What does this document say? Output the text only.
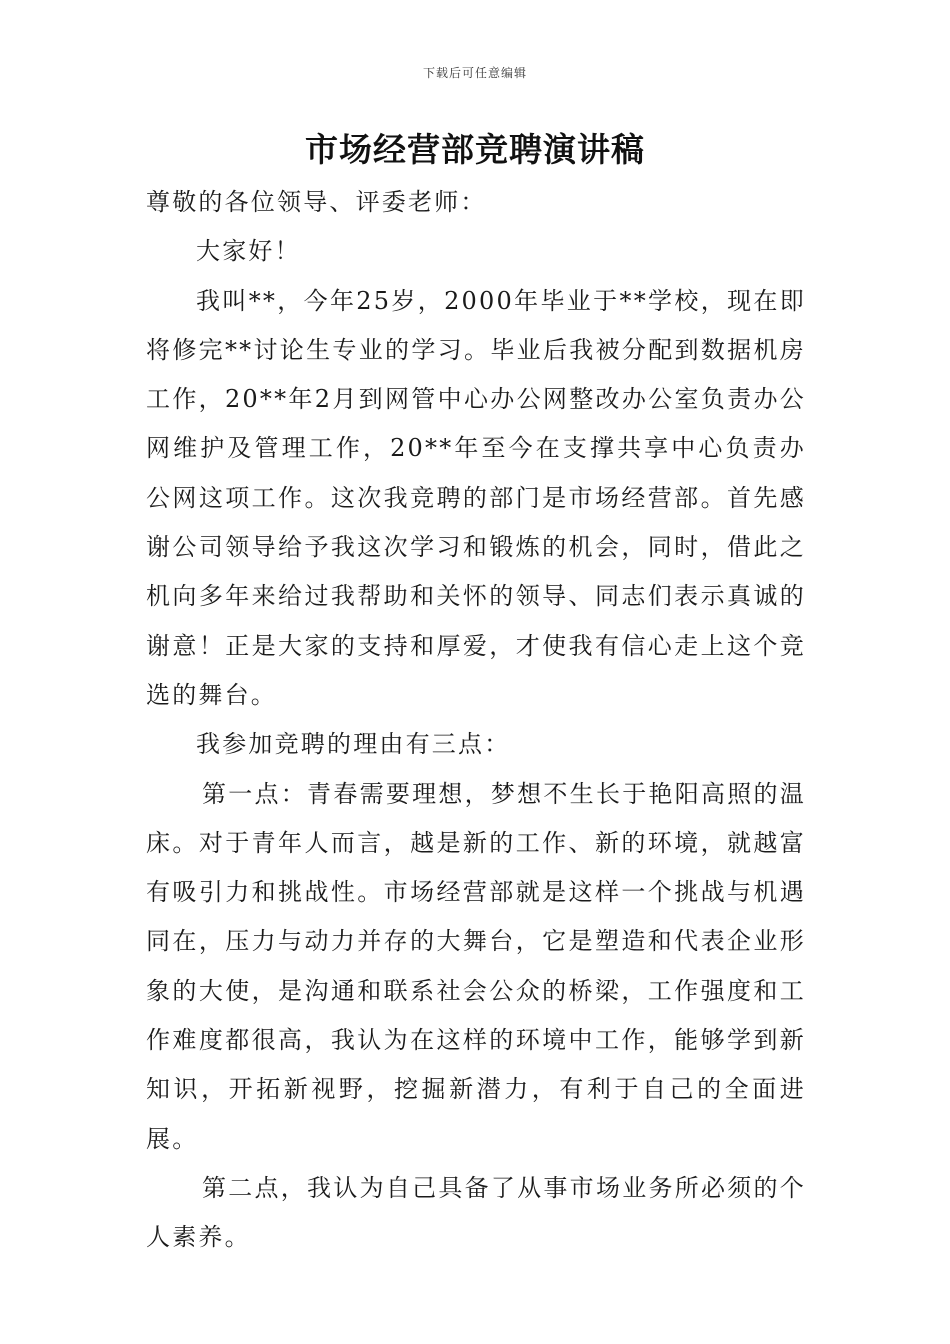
下载后可任意编辑
市场经营部竞聘演讲稿

尊敬的各位领导、评委老师：

大家好！

我叫**，今年25岁，2000年毕业于**学校，现在即将修完**讨论生专业的学习。毕业后我被分配到数据机房工作，20**年2月到网管中心办公网整改办公室负责办公网维护及管理工作，20**年至今在支撑共享中心负责办公网这项工作。这次我竞聘的部门是市场经营部。首先感谢公司领导给予我这次学习和锻炼的机会，同时，借此之机向多年来给过我帮助和关怀的领导、同志们表示真诚的谢意！正是大家的支持和厚爱，才使我有信心走上这个竞选的舞台。

我参加竞聘的理由有三点：

第一点：青春需要理想，梦想不生长于艳阳高照的温床。对于青年人而言，越是新的工作、新的环境，就越富有吸引力和挑战性。市场经营部就是这样一个挑战与机遇同在，压力与动力并存的大舞台，它是塑造和代表企业形象的大使，是沟通和联系社会公众的桥梁，工作强度和工作难度都很高，我认为在这样的环境中工作，能够学到新知识，开拓新视野，挖掘新潜力，有利于自己的全面进展。

第二点，我认为自己具备了从事市场业务所必须的个人素养。
